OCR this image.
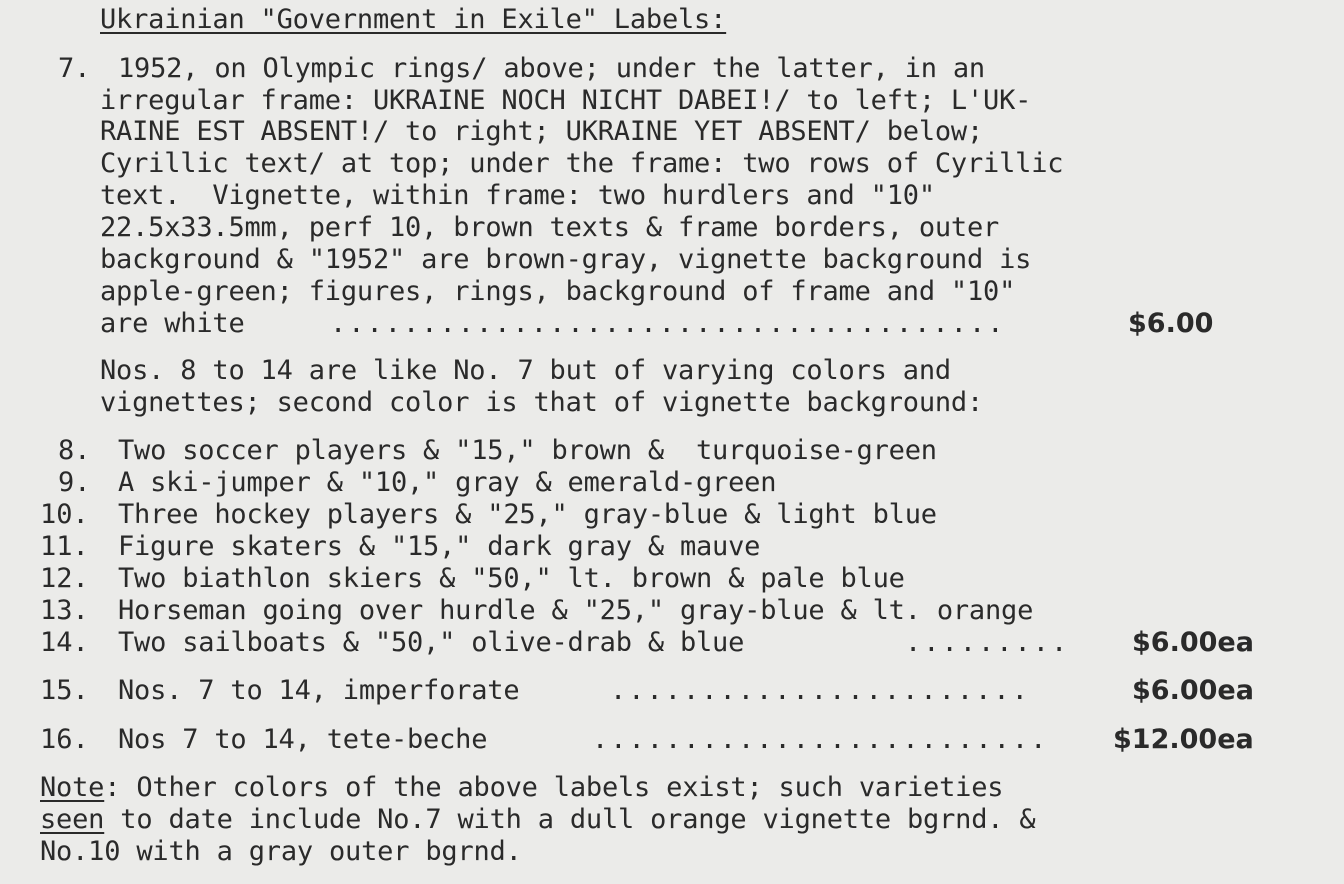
Ukrainian "Government in Exile" Labels:
7. 1952, on Olympic rings/ above; under the latter, in an
irregular frame: UKRAINE NOCH NICHT DABEI!/ to left; L'UK-
RAINE EST ABSENT!/ to right; UKRAINE YET ABSENT/ below;
Cyrillic text/ at top; under the frame: two rows of Cyrillic
text.  Vignette, within frame: two hurdlers and "10"
22.5x33.5mm, perf 10, brown texts & frame borders, outer
background & "1952" are brown-gray, vignette background is
apple-green; figures, rings, background of frame and "10"
are white	.....................................	$6.00
Nos. 8 to 14 are like No. 7 but of varying colors and
vignettes; second color is that of vignette background:
8. Two soccer players & "15," brown &  turquoise-green
9. A ski-jumper & "10," gray & emerald-green
10. Three hockey players & "25," gray-blue & light blue
11. Figure skaters & "15," dark gray & mauve
12. Two biathlon skiers & "50," lt. brown & pale blue
13. Horseman going over hurdle & "25," gray-blue & lt. orange
14. Two sailboats & "50," olive-drab & blue	......... $6.00ea
15. Nos. 7 to 14, imperforate	.......................	$6.00ea
16. Nos 7 to 14, tete-beche	......................... $12.00ea
Note: Other colors of the above labels exist; such varieties
seen to date include No.7 with a dull orange vignette bgrnd. &
No.10 with a gray outer bgrnd.
